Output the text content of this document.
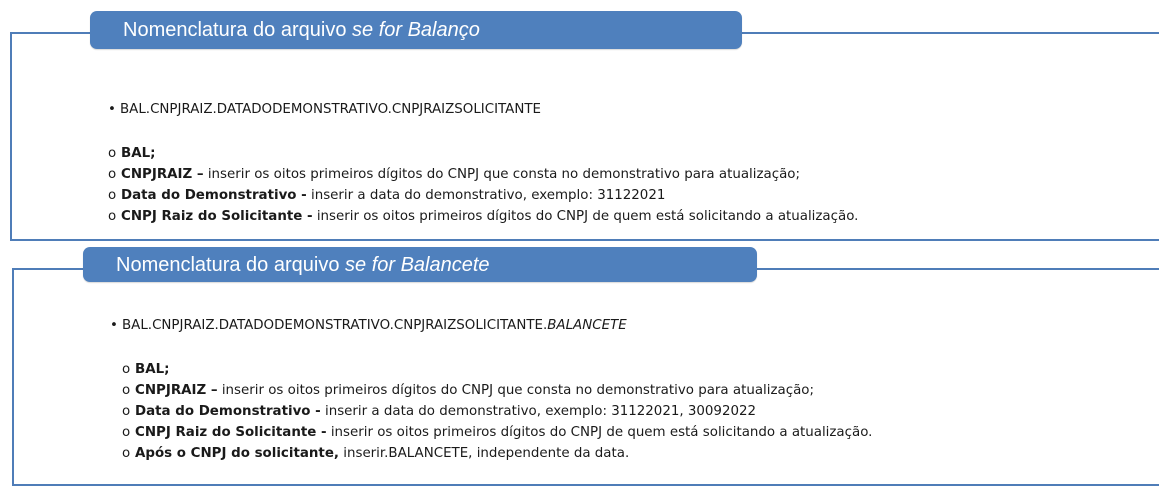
Nomenclatura do arquivo se for Balanço
• BAL.CNPJRAIZ.DATADODEMONSTRATIVO.CNPJRAIZSOLICITANTE
o BAL;
o CNPJRAIZ – inserir os oitos primeiros dígitos do CNPJ que consta no demonstrativo para atualização;
o Data do Demonstrativo - inserir a data do demonstrativo, exemplo: 31122021
o CNPJ Raiz do Solicitante - inserir os oitos primeiros dígitos do CNPJ de quem está solicitando a atualização.
Nomenclatura do arquivo se for Balancete
• BAL.CNPJRAIZ.DATADODEMONSTRATIVO.CNPJRAIZSOLICITANTE.BALANCETE
o BAL;
o CNPJRAIZ – inserir os oitos primeiros dígitos do CNPJ que consta no demonstrativo para atualização;
o Data do Demonstrativo - inserir a data do demonstrativo, exemplo: 31122021, 30092022
o CNPJ Raiz do Solicitante - inserir os oitos primeiros dígitos do CNPJ de quem está solicitando a atualização.
o Após o CNPJ do solicitante, inserir.BALANCETE, independente da data.
